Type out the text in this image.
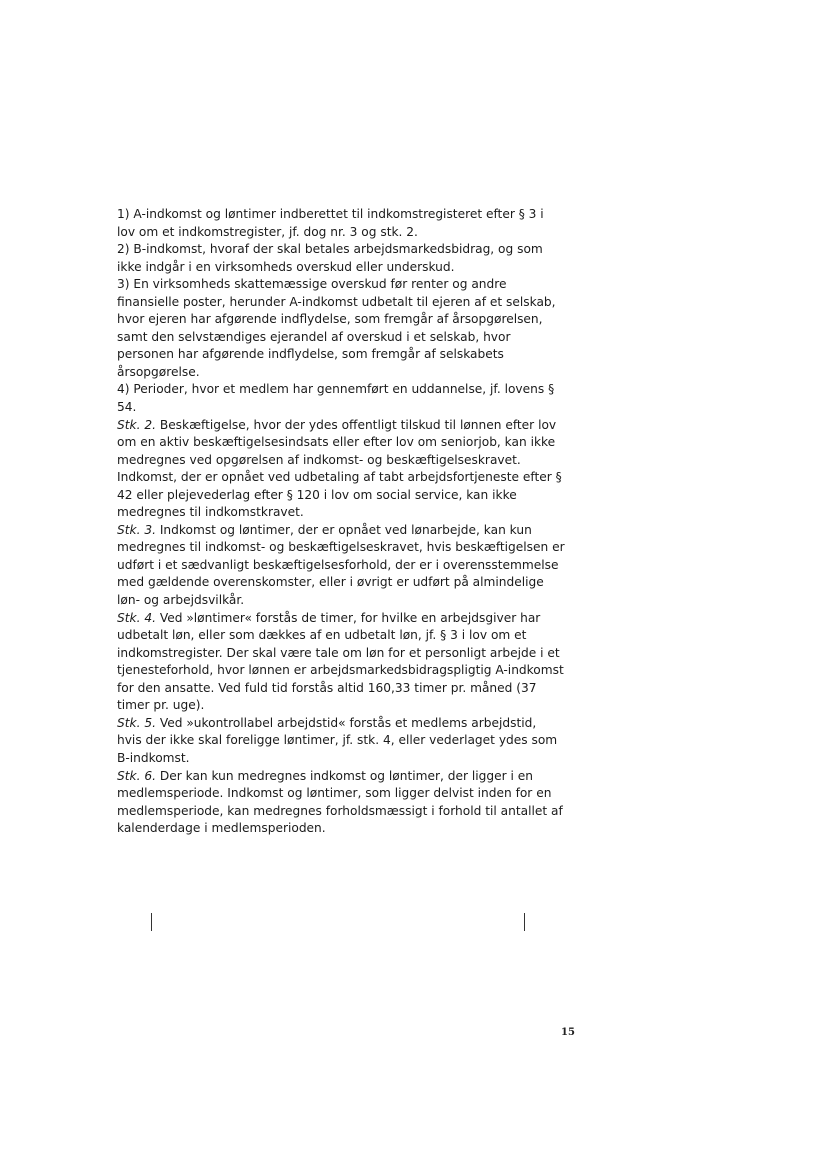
1) A-indkomst og løntimer indberettet til indkomstregisteret efter § 3 i
lov om et indkomstregister, jf. dog nr. 3 og stk. 2.
2) B-indkomst, hvoraf der skal betales arbejdsmarkedsbidrag, og som
ikke indgår i en virksomheds overskud eller underskud.
3) En virksomheds skattemæssige overskud før renter og andre
finansielle poster, herunder A-indkomst udbetalt til ejeren af et selskab,
hvor ejeren har afgørende indflydelse, som fremgår af årsopgørelsen,
samt den selvstændiges ejerandel af overskud i et selskab, hvor
personen har afgørende indflydelse, som fremgår af selskabets
årsopgørelse.
4) Perioder, hvor et medlem har gennemført en uddannelse, jf. lovens §
54.
Stk. 2. Beskæftigelse, hvor der ydes offentligt tilskud til lønnen efter lov
om en aktiv beskæftigelsesindsats eller efter lov om seniorjob, kan ikke
medregnes ved opgørelsen af indkomst- og beskæftigelseskravet.
Indkomst, der er opnået ved udbetaling af tabt arbejdsfortjeneste efter §
42 eller plejevederlag efter § 120 i lov om social service, kan ikke
medregnes til indkomstkravet.
Stk. 3. Indkomst og løntimer, der er opnået ved lønarbejde, kan kun
medregnes til indkomst- og beskæftigelseskravet, hvis beskæftigelsen er
udført i et sædvanligt beskæftigelsesforhold, der er i overensstemmelse
med gældende overenskomster, eller i øvrigt er udført på almindelige
løn- og arbejdsvilkår.
Stk. 4. Ved »løntimer« forstås de timer, for hvilke en arbejdsgiver har
udbetalt løn, eller som dækkes af en udbetalt løn, jf. § 3 i lov om et
indkomstregister. Der skal være tale om løn for et personligt arbejde i et
tjenesteforhold, hvor lønnen er arbejdsmarkedsbidragspligtig A-indkomst
for den ansatte. Ved fuld tid forstås altid 160,33 timer pr. måned (37
timer pr. uge).
Stk. 5. Ved »ukontrollabel arbejdstid« forstås et medlems arbejdstid,
hvis der ikke skal foreligge løntimer, jf. stk. 4, eller vederlaget ydes som
B-indkomst.
Stk. 6. Der kan kun medregnes indkomst og løntimer, der ligger i en
medlemsperiode. Indkomst og løntimer, som ligger delvist inden for en
medlemsperiode, kan medregnes forholdsmæssigt i forhold til antallet af
kalenderdage i medlemsperioden.
15
